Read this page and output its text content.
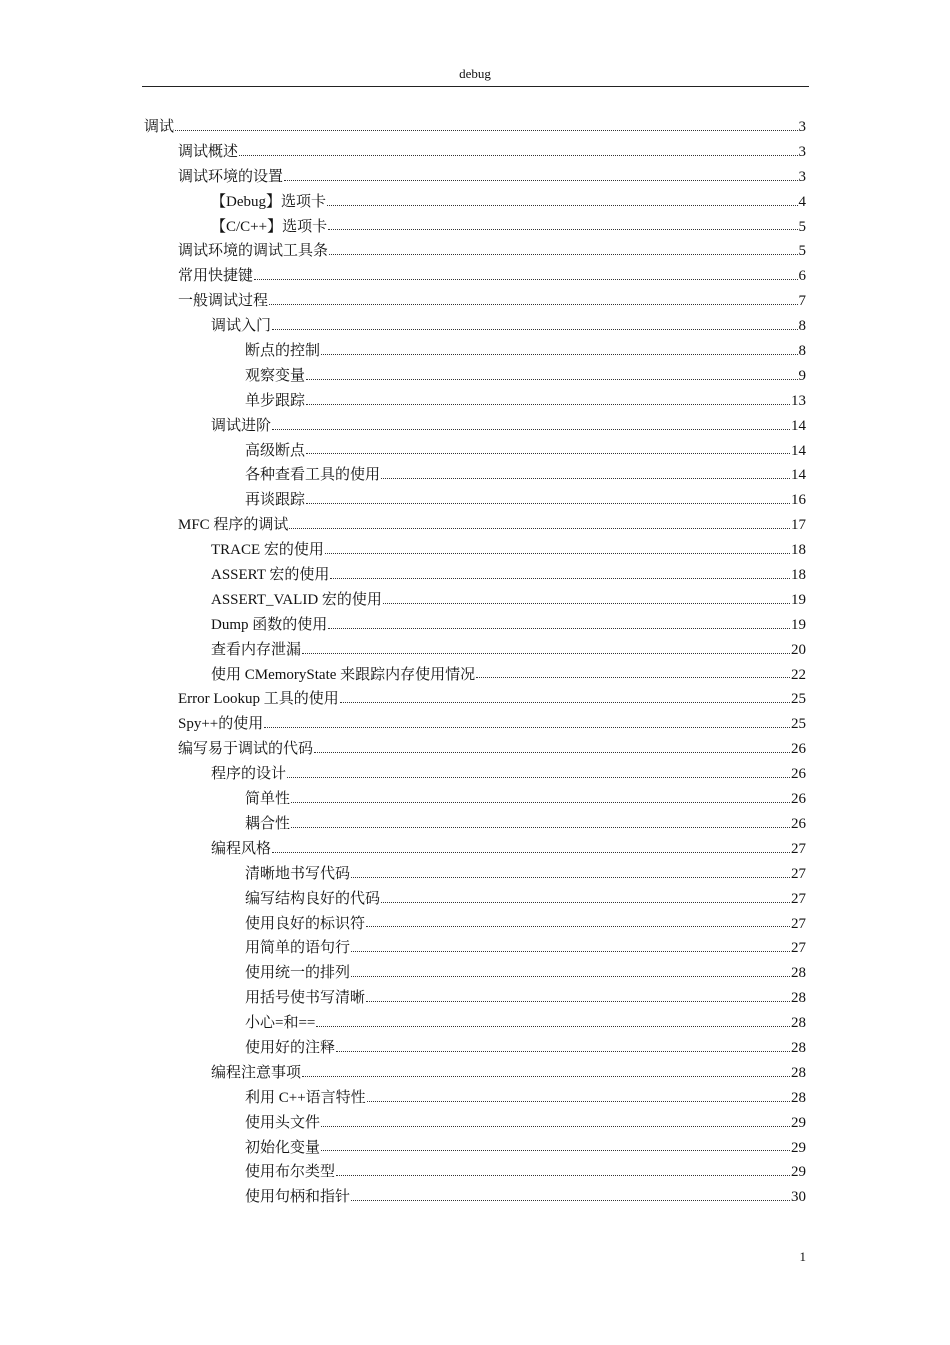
debug
调试	3
调试概述	3
调试环境的设置	3
【Debug】选项卡	4
【C/C++】选项卡	5
调试环境的调试工具条	5
常用快捷键	6
一般调试过程	7
调试入门	8
断点的控制	8
观察变量	9
单步跟踪	13
调试进阶	14
高级断点	14
各种查看工具的使用	14
再谈跟踪	16
MFC 程序的调试	17
TRACE 宏的使用	18
ASSERT 宏的使用	18
ASSERT_VALID 宏的使用	19
Dump 函数的使用	19
查看内存泄漏	20
使用 CMemoryState 来跟踪内存使用情况	22
Error Lookup 工具的使用	25
Spy++的使用	25
编写易于调试的代码	26
程序的设计	26
简单性	26
耦合性	26
编程风格	27
清晰地书写代码	27
编写结构良好的代码	27
使用良好的标识符	27
用简单的语句行	27
使用统一的排列	28
用括号使书写清晰	28
小心=和==	28
使用好的注释	28
编程注意事项	28
利用 C++语言特性	28
使用头文件	29
初始化变量	29
使用布尔类型	29
使用句柄和指针	30
1
